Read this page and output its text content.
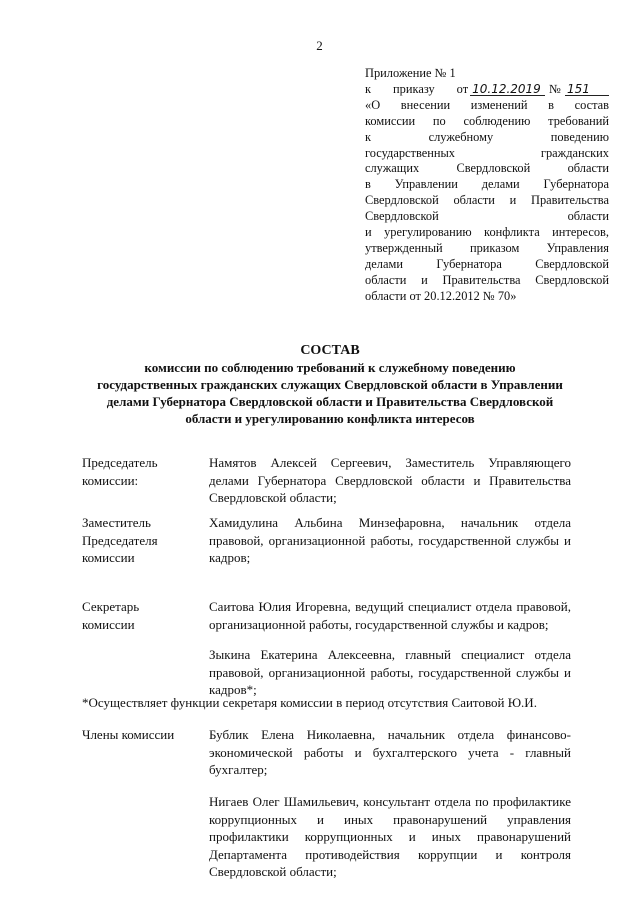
2
Приложение № 1
к приказу от 10.12.2019 № 151
«О внесении изменений в состав
комиссии по соблюдению требований
к служебному поведению
государственных гражданских
служащих Свердловской области
в Управлении делами Губернатора
Свердловской области и Правительства
Свердловской области
и урегулированию конфликта интересов,
утвержденный приказом Управления
делами Губернатора Свердловской
области и Правительства Свердловской
области от 20.12.2012 № 70»
СОСТАВ
комиссии по соблюдению требований к служебному поведению
государственных гражданских служащих Свердловской области в Управлении
делами Губернатора Свердловской области и Правительства Свердловской
области и урегулированию конфликта интересов
Председатель комиссии:
Намятов Алексей Сергеевич, Заместитель Управляющего делами Губернатора Свердловской области и Правительства Свердловской области;
Заместитель Председателя комиссии
Хамидулина Альбина Минзефаровна, начальник отдела правовой, организационной работы, государственной службы и кадров;
Секретарь комиссии
Саитова Юлия Игоревна, ведущий специалист отдела правовой, организационной работы, государственной службы и кадров;
Зыкина Екатерина Алексеевна, главный специалист отдела правовой, организационной работы, государственной службы и кадров*;
*Осуществляет функции секретаря комиссии в период отсутствия Саитовой Ю.И.
Члены комиссии	Бублик Елена Николаевна, начальник отдела финансово-экономической работы и бухгалтерского учета - главный бухгалтер;
Нигаев Олег Шамильевич, консультант отдела по профилактике коррупционных и иных правонарушений управления профилактики коррупционных и иных правонарушений Департамента противодействия коррупции и контроля Свердловской области;
